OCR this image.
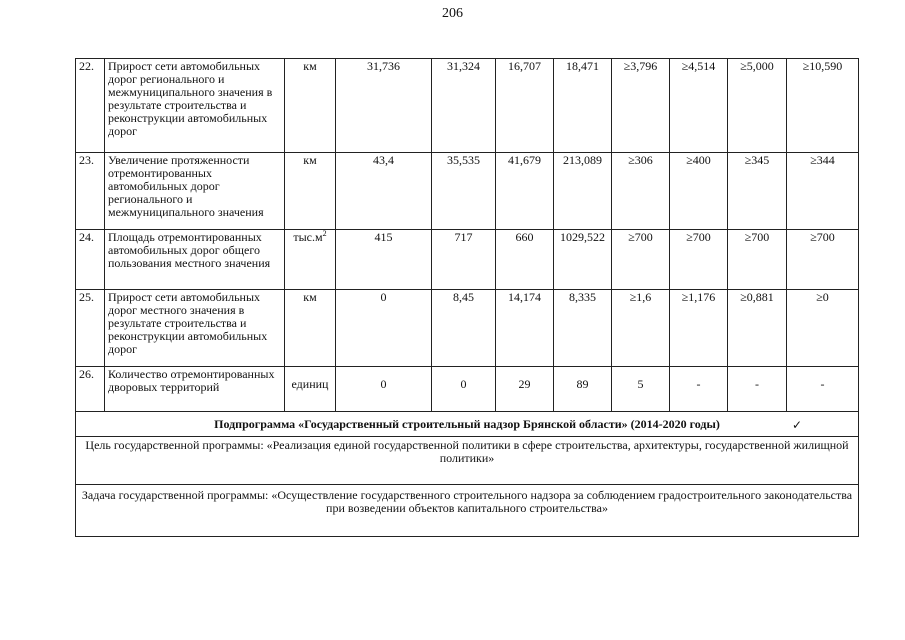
206
22.	Прирост сети автомобильных дорог регионального и межмуниципального значения в результате строительства и реконструкции автомобильных дорог	км	31,736	31,324	16,707	18,471	≥3,796	≥4,514	≥5,000	≥10,590
23.	Увеличение протяженности отремонтированных автомобильных дорог регионального и межмуниципального значения	км	43,4	35,535	41,679	213,089	≥306	≥400	≥345	≥344
24.	Площадь отремонтированных автомобильных дорог общего пользования местного значения	$тыс.м^2$	415	717	660	1029,522	≥700	≥700	≥700	≥700
25.	Прирост сети автомобильных дорог местного значения в результате строительства и реконструкции автомобильных дорог	км	0	8,45	14,174	8,335	≥1,6	≥1,176	≥0,881	≥0
26.	Количество отремонтированных дворовых территорий	единиц	0	0	29	89	5	-	-	-
Подпрограмма «Государственный строительный надзор Брянской области» (2014-2020 годы)										
Цель государственной программы: «Реализация единой государственной политики в сфере строительства, архитектуры, государственной жилищной политики»										
Задача государственной программы: «Осуществление государственного строительного надзора за соблюдением градостроительного законодательства при возведении объектов капитального строительства»										
✓
